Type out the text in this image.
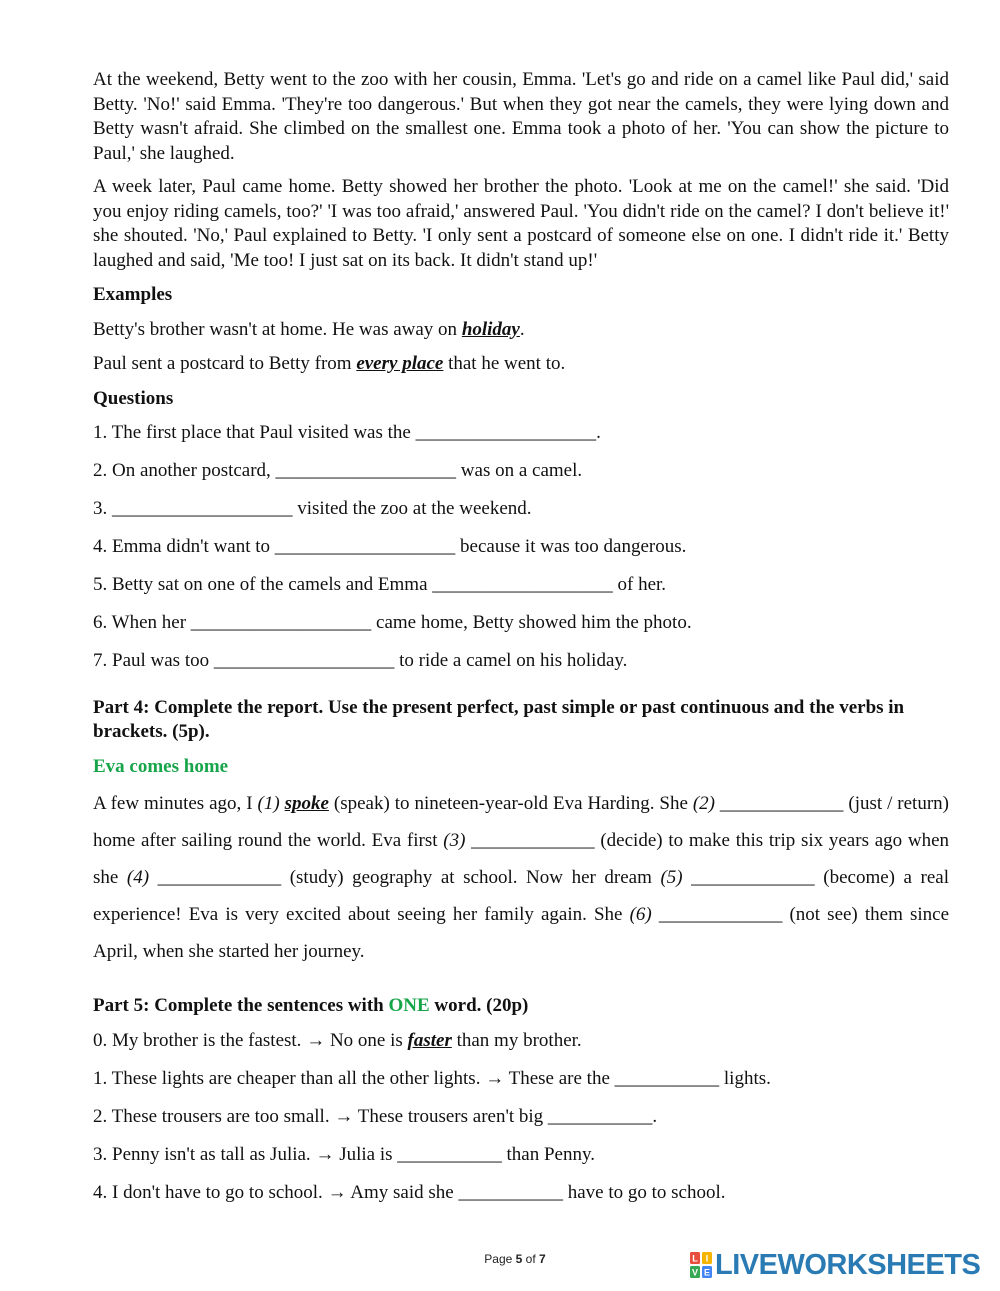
At the weekend, Betty went to the zoo with her cousin, Emma. 'Let's go and ride on a camel like Paul did,' said Betty. 'No!' said Emma. 'They're too dangerous.' But when they got near the camels, they were lying down and Betty wasn't afraid. She climbed on the smallest one. Emma took a photo of her. 'You can show the picture to Paul,' she laughed.

A week later, Paul came home. Betty showed her brother the photo. 'Look at me on the camel!' she said. 'Did you enjoy riding camels, too?' 'I was too afraid,' answered Paul. 'You didn't ride on the camel? I don't believe it!' she shouted. 'No,' Paul explained to Betty. 'I only sent a postcard of someone else on one. I didn't ride it.' Betty laughed and said, 'Me too! I just sat on its back. It didn't stand up!'

Examples

Betty's brother wasn't at home. He was away on holiday.

Paul sent a postcard to Betty from every place that he went to.

Questions

1. The first place that Paul visited was the ___________________.

2. On another postcard, ___________________ was on a camel.

3. ___________________ visited the zoo at the weekend.

4. Emma didn't want to ___________________ because it was too dangerous.

5. Betty sat on one of the camels and Emma ___________________ of her.

6. When her ___________________ came home, Betty showed him the photo.

7. Paul was too ___________________ to ride a camel on his holiday.

Part 4: Complete the report. Use the present perfect, past simple or past continuous and the verbs in brackets. (5p).

Eva comes home

A few minutes ago, I (1) spoke (speak) to nineteen-year-old Eva Harding. She (2) _____________ (just / return) home after sailing round the world. Eva first (3) _____________ (decide) to make this trip six years ago when she (4) _____________ (study) geography at school. Now her dream (5) _____________ (become) a real experience! Eva is very excited about seeing her family again. She (6) _____________ (not see) them since April, when she started her journey.

Part 5: Complete the sentences with ONE word. (20p)

0. My brother is the fastest. → No one is faster than my brother.

1. These lights are cheaper than all the other lights. → These are the ___________ lights.

2. These trousers are too small. → These trousers aren't big ___________.

3. Penny isn't as tall as Julia. → Julia is ___________ than Penny.

4. I don't have to go to school. → Amy said she ___________ have to go to school.

Page 5 of 7	L I
V E LIVEWORKSHEETS
